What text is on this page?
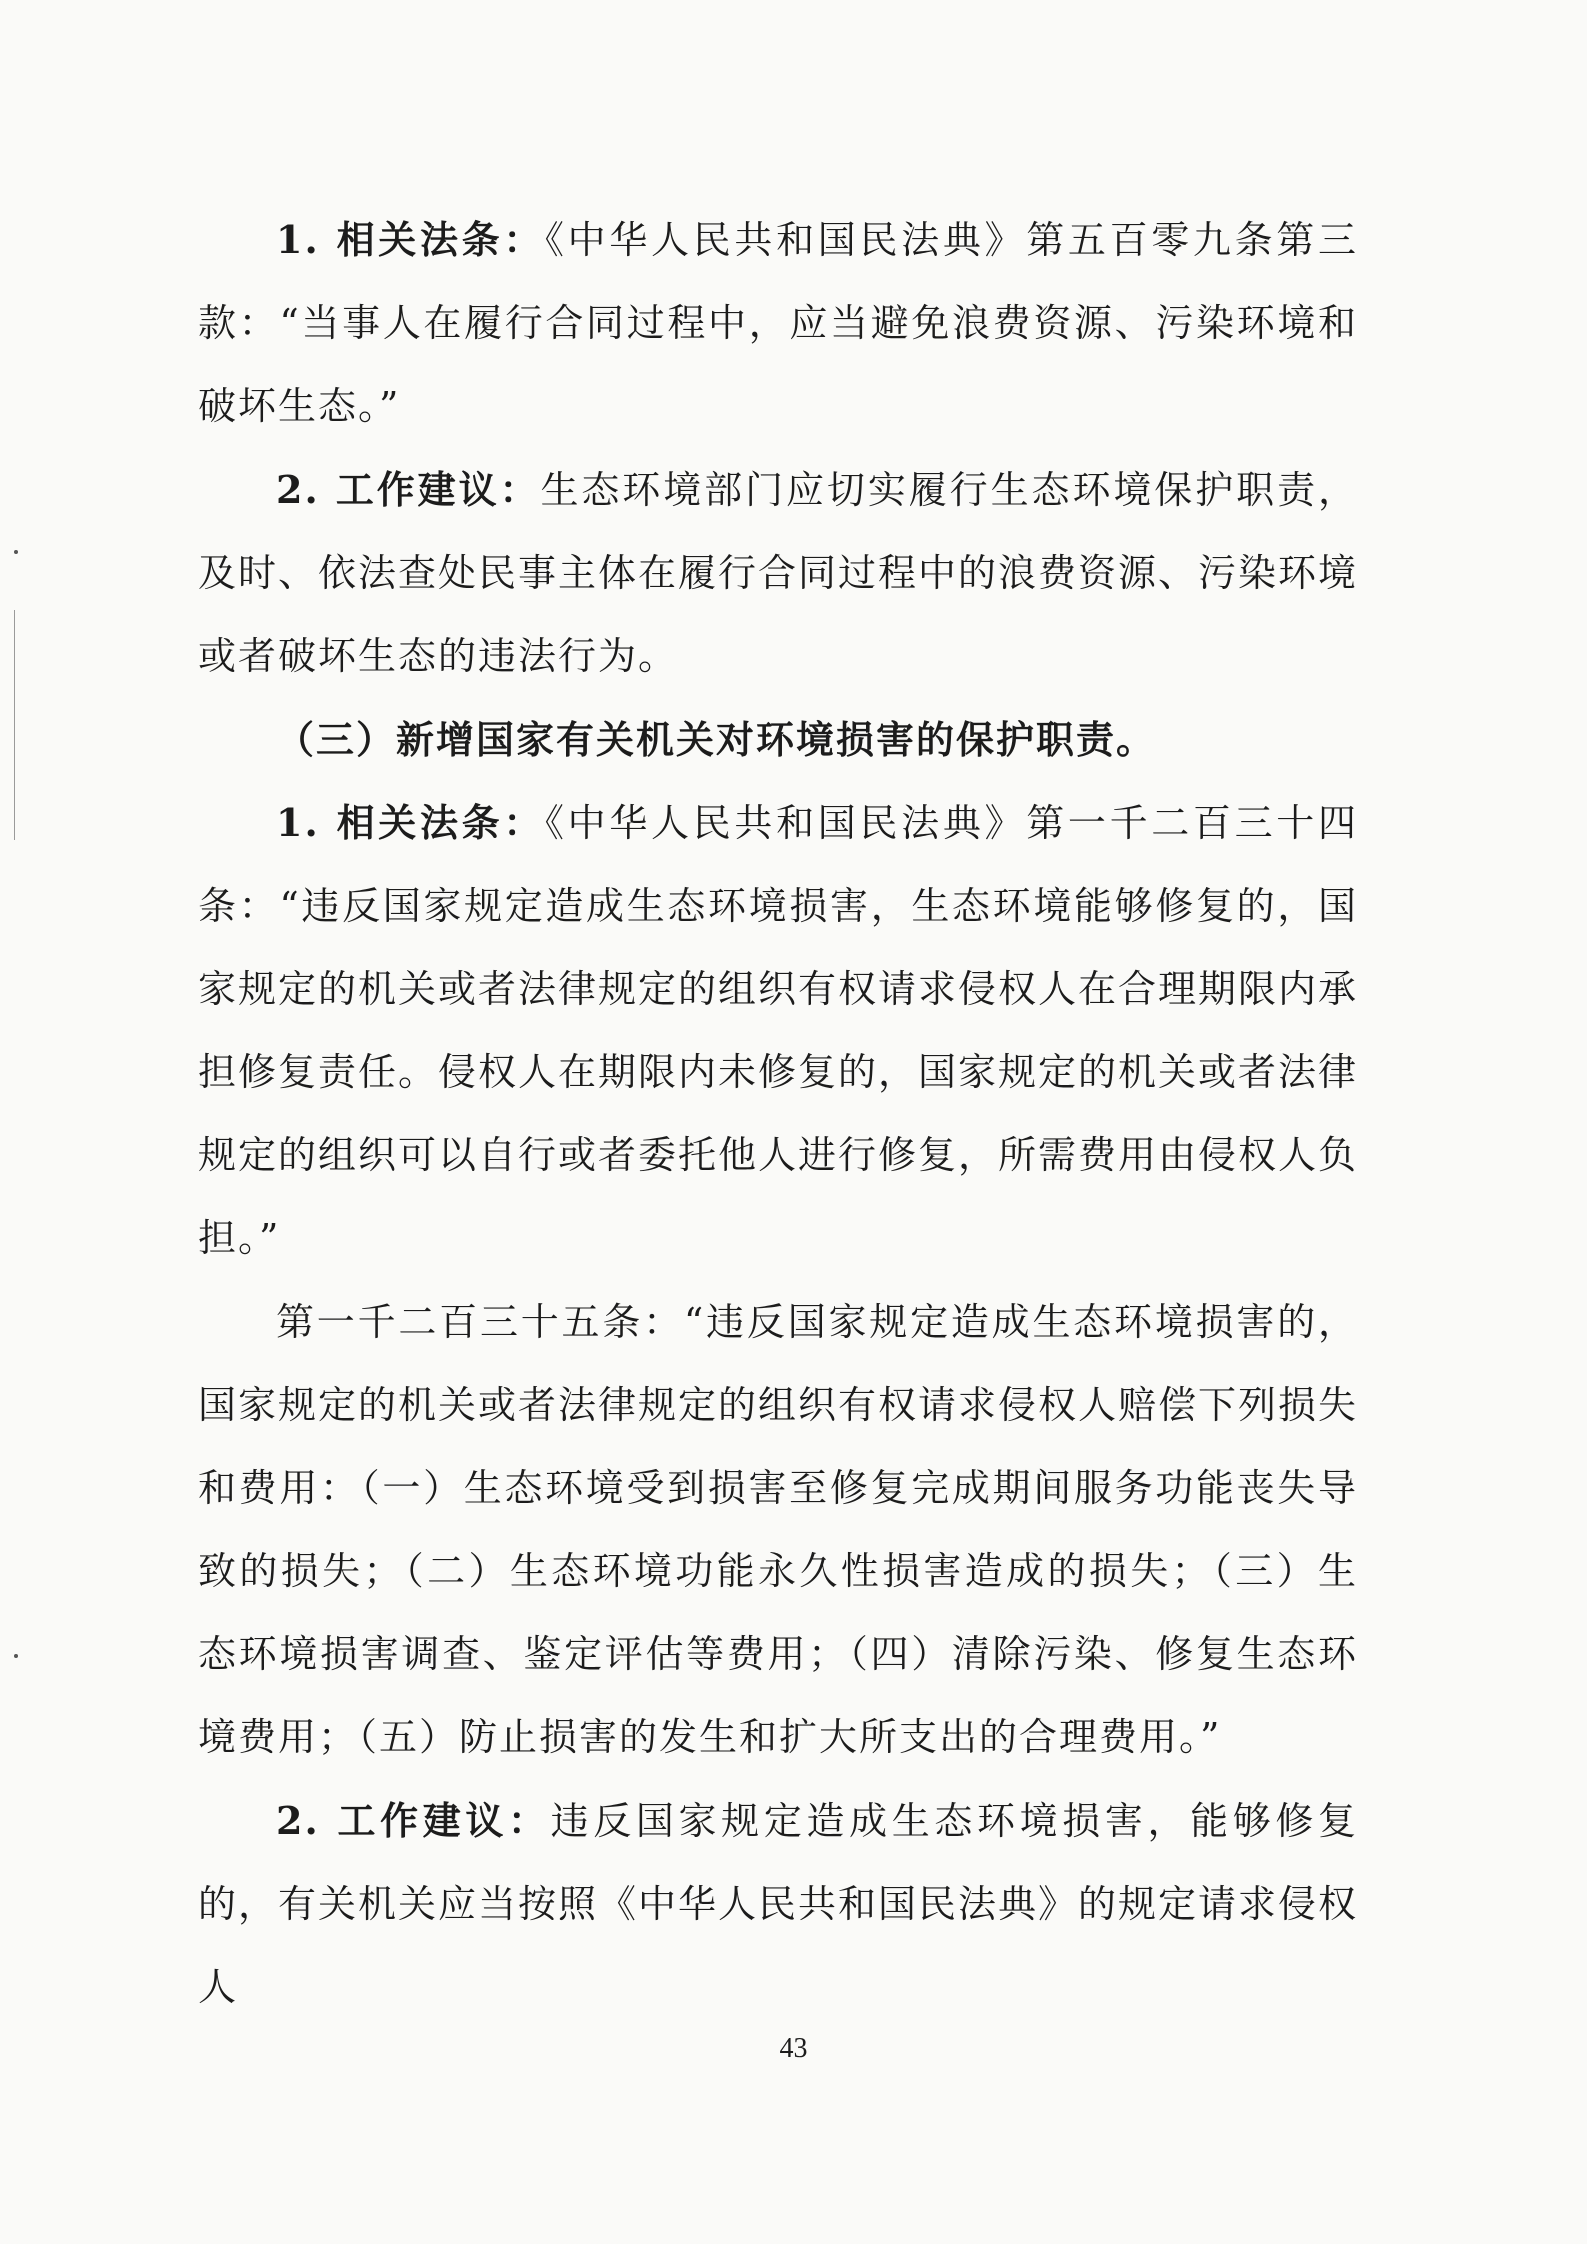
1. 相关法条：《中华人民共和国民法典》第五百零九条第三款：“当事人在履行合同过程中，应当避免浪费资源、污染环境和破坏生态。”

2. 工作建议：生态环境部门应切实履行生态环境保护职责，及时、依法查处民事主体在履行合同过程中的浪费资源、污染环境或者破坏生态的违法行为。

（三）新增国家有关机关对环境损害的保护职责。

1. 相关法条：《中华人民共和国民法典》第一千二百三十四条：“违反国家规定造成生态环境损害，生态环境能够修复的，国家规定的机关或者法律规定的组织有权请求侵权人在合理期限内承担修复责任。侵权人在期限内未修复的，国家规定的机关或者法律规定的组织可以自行或者委托他人进行修复，所需费用由侵权人负担。”

第一千二百三十五条：“违反国家规定造成生态环境损害的，国家规定的机关或者法律规定的组织有权请求侵权人赔偿下列损失和费用：（一）生态环境受到损害至修复完成期间服务功能丧失导致的损失；（二）生态环境功能永久性损害造成的损失；（三）生态环境损害调查、鉴定评估等费用；（四）清除污染、修复生态环境费用；（五）防止损害的发生和扩大所支出的合理费用。”

2. 工作建议：违反国家规定造成生态环境损害，能够修复的，有关机关应当按照《中华人民共和国民法典》的规定请求侵权人

43
